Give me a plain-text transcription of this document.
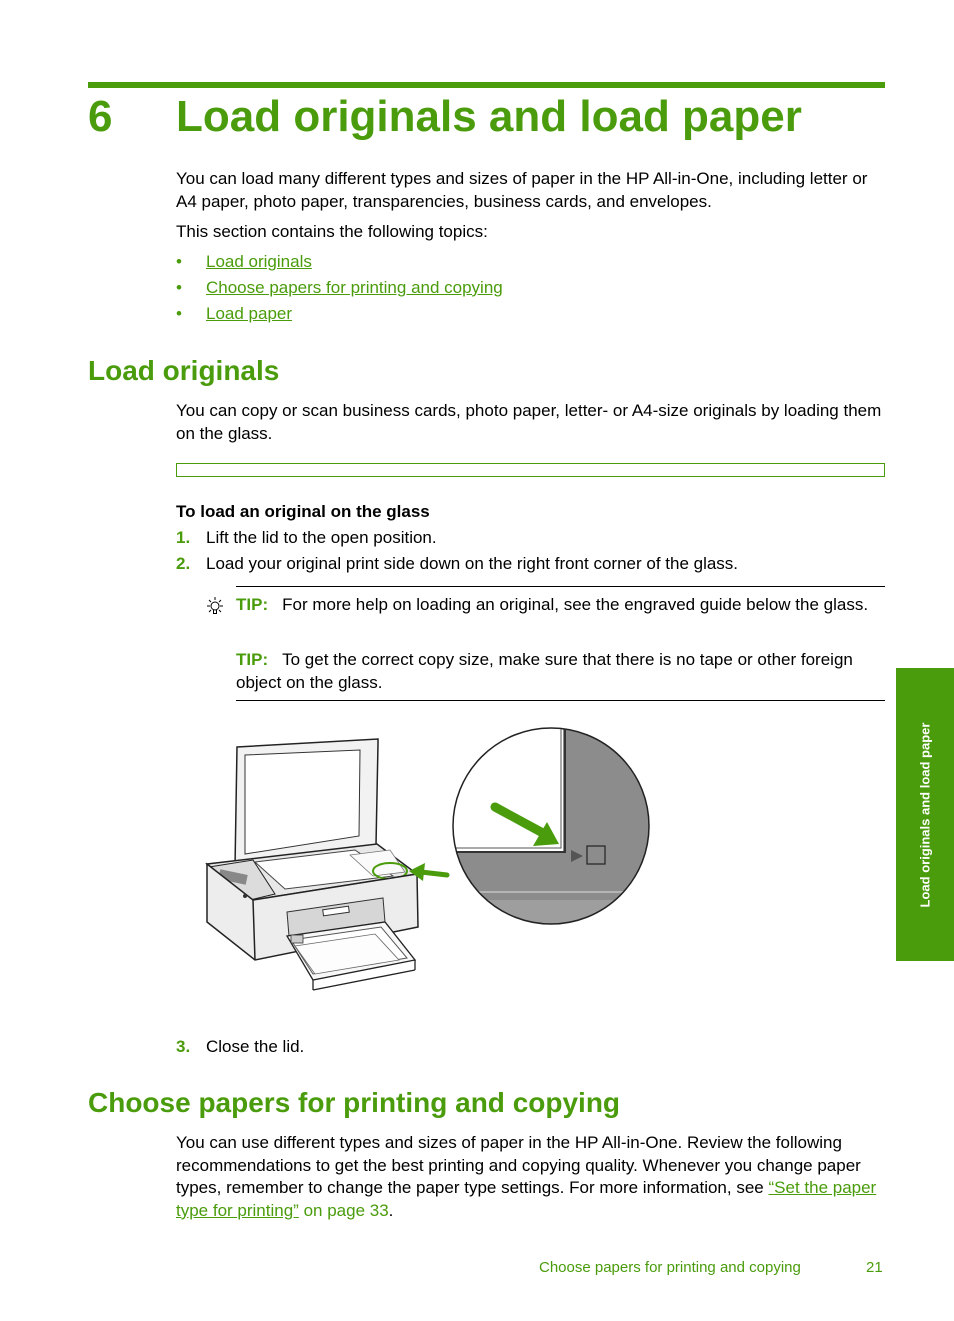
6 Load originals and load paper
You can load many different types and sizes of paper in the HP All-in-One, including letter or A4 paper, photo paper, transparencies, business cards, and envelopes.
This section contains the following topics:
• Load originals
• Choose papers for printing and copying
• Load paper
Load originals
You can copy or scan business cards, photo paper, letter- or A4-size originals by loading them on the glass.
To load an original on the glass
1. Lift the lid to the open position.
2. Load your original print side down on the right front corner of the glass.
TIP: For more help on loading an original, see the engraved guide below the glass.
TIP: To get the correct copy size, make sure that there is no tape or other foreign object on the glass.
3. Close the lid.
Choose papers for printing and copying
You can use different types and sizes of paper in the HP All-in-One. Review the following recommendations to get the best printing and copying quality. Whenever you change paper types, remember to change the paper type settings. For more information, see “Set the paper type for printing” on page 33.
Load originals and load paper
Choose papers for printing and copying	21
